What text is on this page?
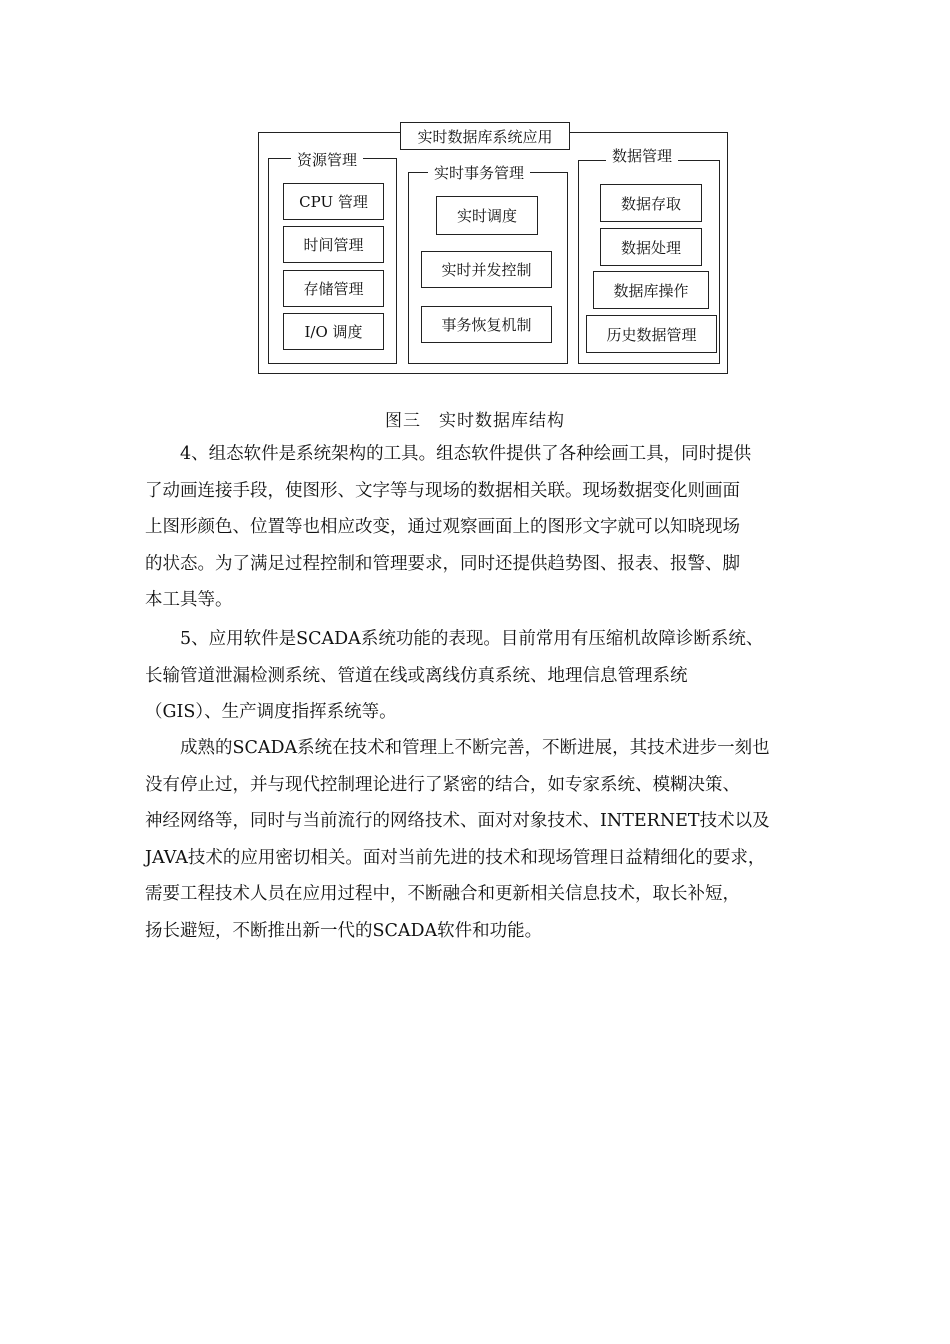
实时数据库系统应用
资源管理
CPU 管理
时间管理
存储管理
I/O 调度
实时事务管理
实时调度
实时并发控制
事务恢复机制
数据管理
数据存取
数据处理
数据库操作
历史数据管理
图三　实时数据库结构
　　4、组态软件是系统架构的工具。组态软件提供了各种绘画工具，同时提供
了动画连接手段，使图形、文字等与现场的数据相关联。现场数据变化则画面
上图形颜色、位置等也相应改变，通过观察画面上的图形文字就可以知晓现场
的状态。为了满足过程控制和管理要求，同时还提供趋势图、报表、报警、脚
本工具等。
　　5、应用软件是SCADA系统功能的表现。目前常用有压缩机故障诊断系统、
长输管道泄漏检测系统、管道在线或离线仿真系统、地理信息管理系统
（GIS）、生产调度指挥系统等。
　　成熟的SCADA系统在技术和管理上不断完善，不断进展，其技术进步一刻也
没有停止过，并与现代控制理论进行了紧密的结合，如专家系统、模糊决策、
神经网络等，同时与当前流行的网络技术、面对对象技术、INTERNET技术以及
JAVA技术的应用密切相关。面对当前先进的技术和现场管理日益精细化的要求，
需要工程技术人员在应用过程中，不断融合和更新相关信息技术，取长补短，
扬长避短，不断推出新一代的SCADA软件和功能。
